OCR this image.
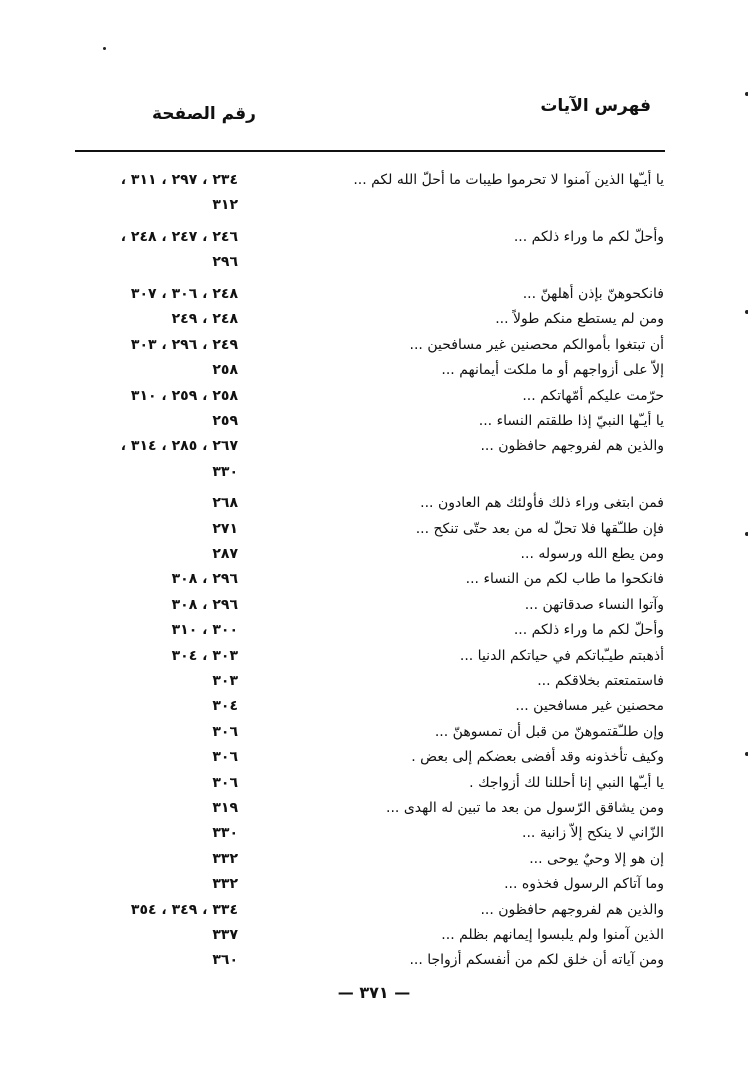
فهرس الآيات
رقم الصفحة
يا أيـّها الذين آمنوا لا تحرموا طيبات ما أحلّ الله لكم ...
٢٣٤ ، ٢٩٧ ، ٣١١ ،
٣١٢
وأحلّ لكم ما وراء ذلكم ...
٢٤٦ ، ٢٤٧ ، ٢٤٨ ،
٢٩٦
فانكحوهنّ بإذن أهلهنّ ...
٢٤٨ ، ٣٠٦ ، ٣٠٧
ومن لم يستطع منكم طولاً ...
٢٤٨ ، ٢٤٩
أن تبتغوا بأموالكم محصنين غير مسافحين ...
٢٤٩ ، ٢٩٦ ، ٣٠٣
إلاّ على أزواجهم أو ما ملكت أيمانهم ...
٢٥٨
حرّمت عليكم أمّهاتكم ...
٢٥٨ ، ٢٥٩ ، ٣١٠
يا أيـّها النبيّ إذا طلقتم النساء ...
٢٥٩
والذين هم لفروجهم حافظون ...
٢٦٧ ، ٢٨٥ ، ٣١٤ ،
٣٣٠
فمن ابتغى وراء ذلك فأولئك هم العادون ...
٢٦٨
فإن طلـّقها فلا تحلّ له من بعد حتّى تنكح ...
٢٧١
ومن يطع الله ورسوله ...
٢٨٧
فانكحوا ما طاب لكم من النساء ...
٢٩٦ ، ٣٠٨
وآتوا النساء صدقاتهن ...
٢٩٦ ، ٣٠٨
وأحلّ لكم ما وراء ذلكم ...
٣٠٠ ، ٣١٠
أذهبتم طيـّباتكم في حياتكم الدنيا ...
٣٠٣ ، ٣٠٤
فاستمتعتم بخلاقكم ...
٣٠٣
محصنين غير مسافحين ...
٣٠٤
وإن طلـّقتموهنّ من قبل أن تمسوهنّ ...
٣٠٦
وكيف تأخذونه وقد أفضى بعضكم إلى بعض .
٣٠٦
يا أيـّها النبي إنا أحللنا لك أزواجك .
٣٠٦
ومن يشاقق الرّسول من بعد ما تبين له الهدى ...
٣١٩
الزّاني لا ينكح إلاّ زانية ...
٣٣٠
إن هو إلا وحيٌ يوحى ...
٣٣٢
وما آتاكم الرسول فخذوه ...
٣٣٢
والذين هم لفروجهم حافظون ...
٣٣٤ ، ٣٤٩ ، ٣٥٤
الذين آمنوا ولم يلبسوا إيمانهم بظلم ...
٣٣٧
ومن آياته أن خلق لكم من أنفسكم أزواجا ...
٣٦٠
— ٣٧١ —
